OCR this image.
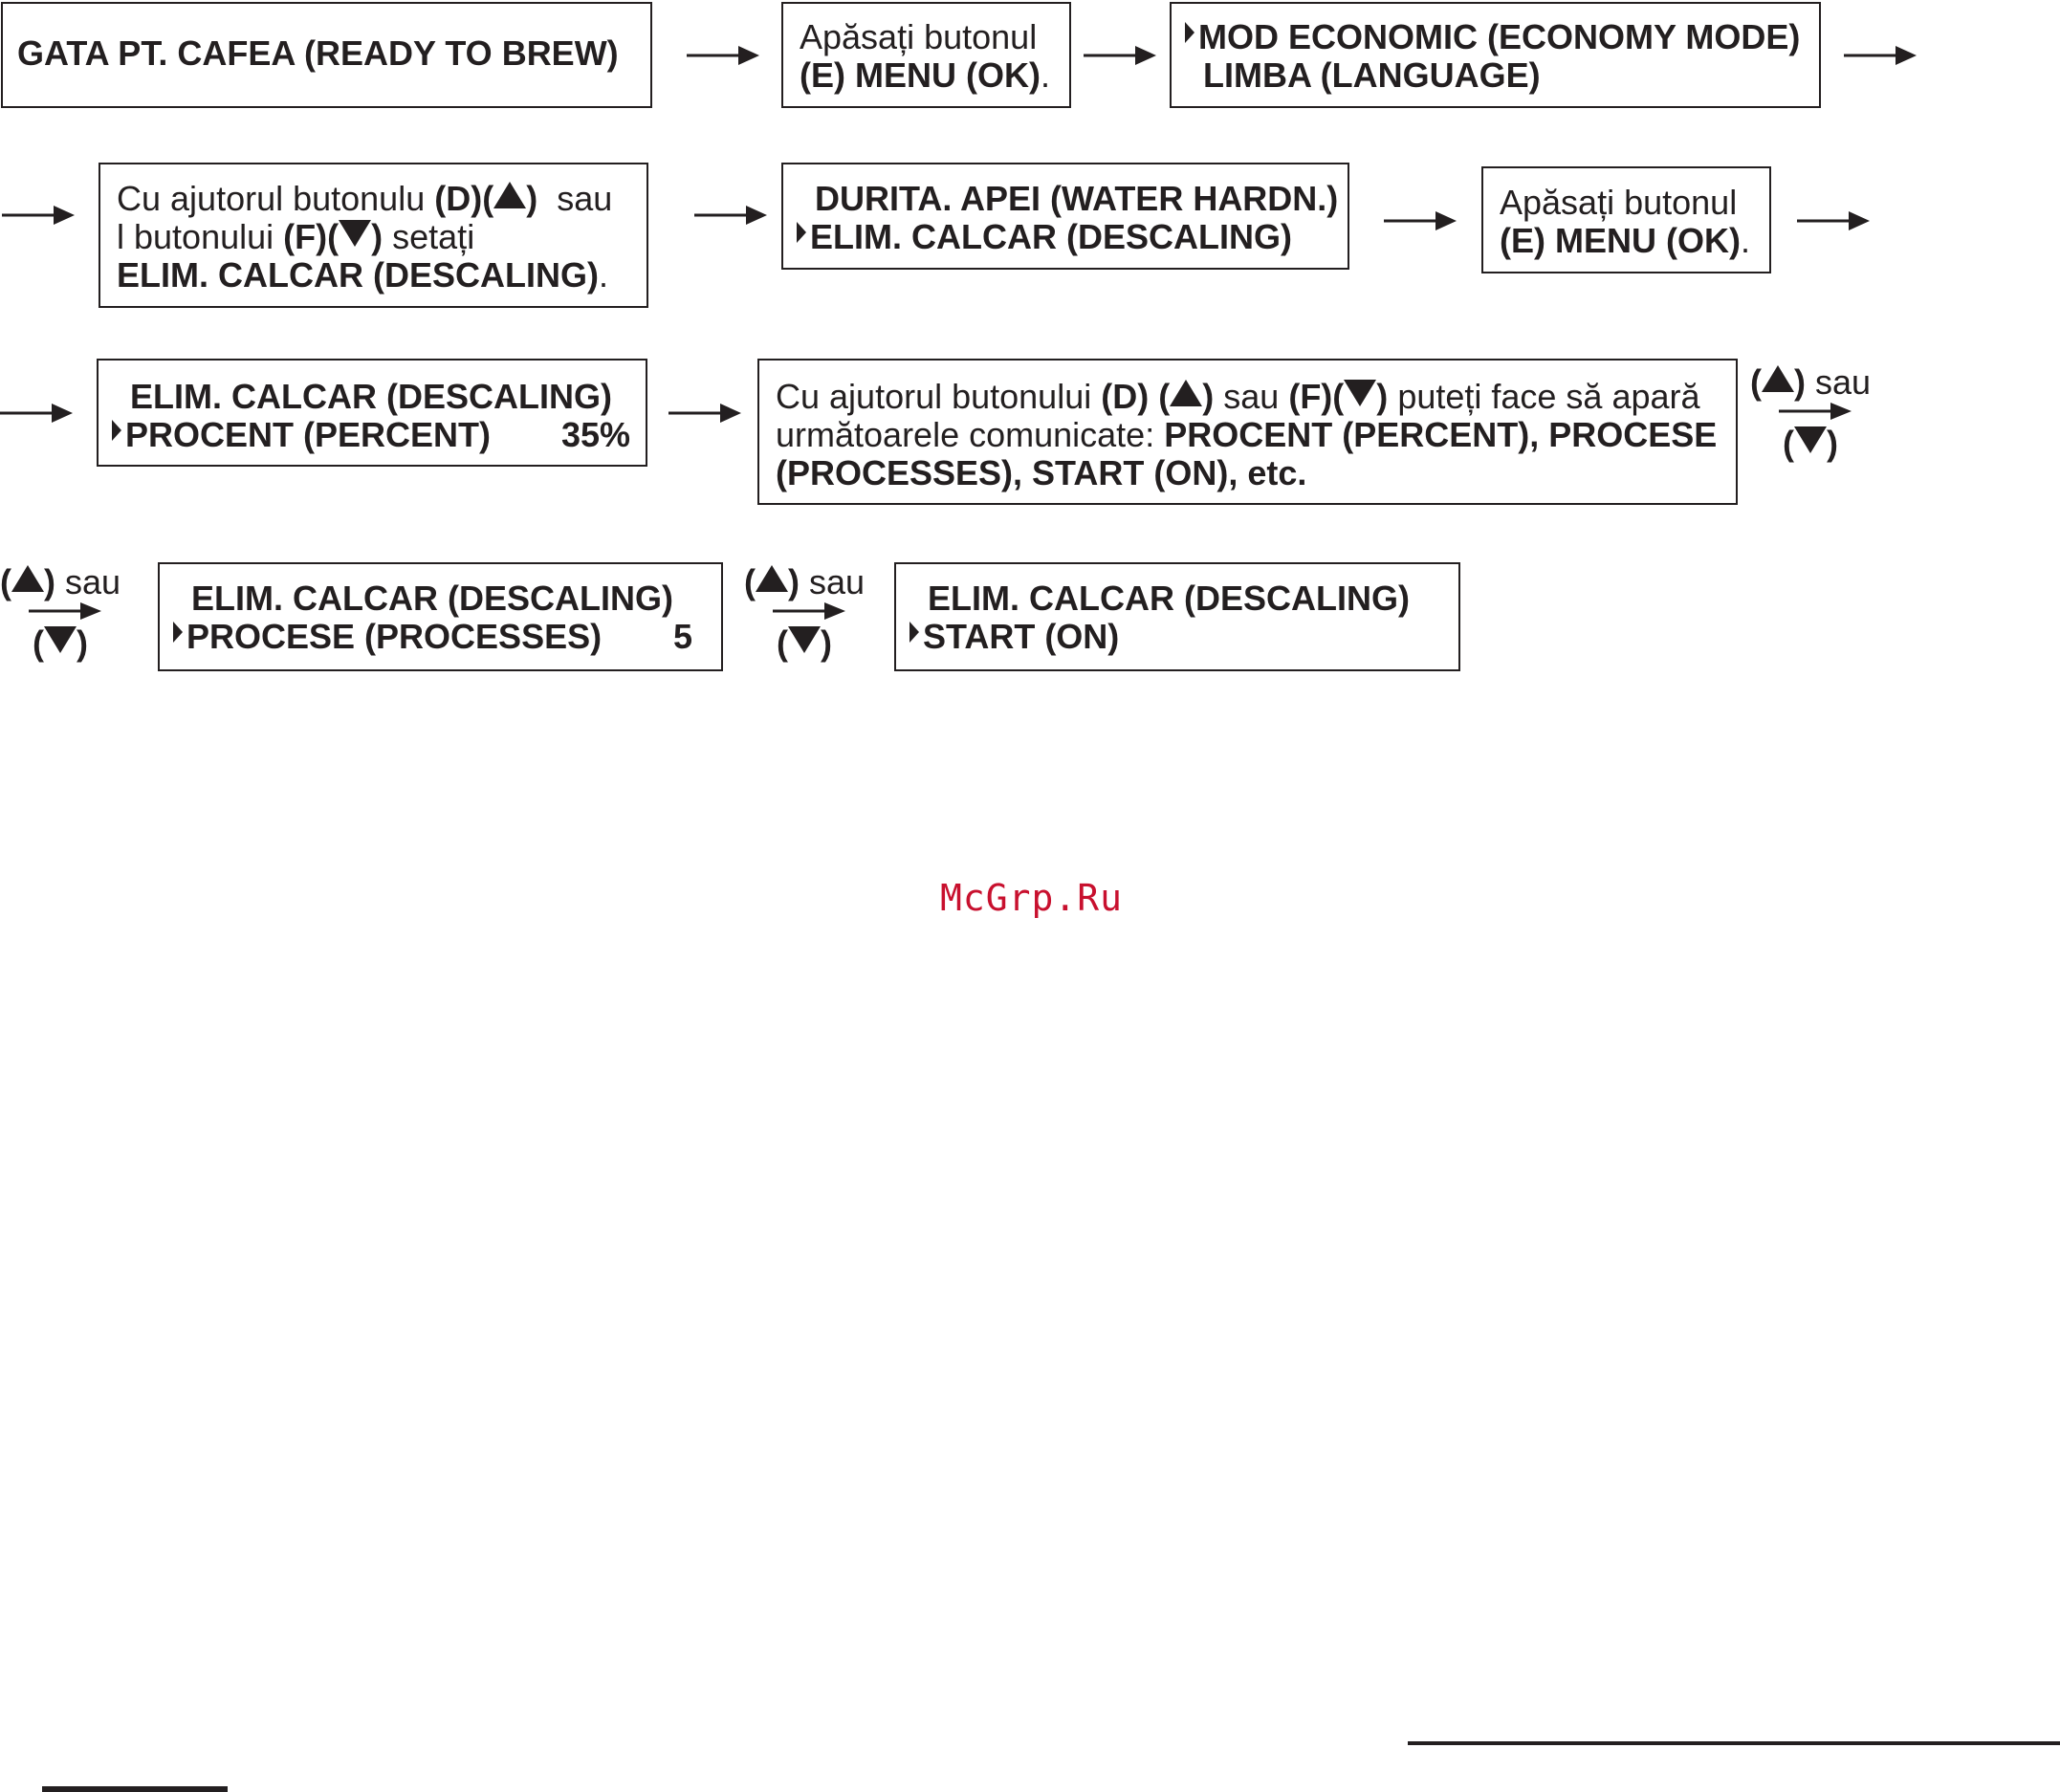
GATA PT. CAFEA (READY TO BREW)	Apăsați butonul
(E) MENU (OK).
MOD ECONOMIC (ECONOMY MODE)
LIMBA (LANGUAGE)
Cu ajutorul butonulu (D)( ) sau
l butonului (F)( ) setați
ELIM. CALCAR (DESCALING).
DURITA. APEI (WATER HARDN.)
ELIM. CALCAR (DESCALING)
Apăsați butonul
(E) MENU (OK).
ELIM. CALCAR (DESCALING)
PROCENT (PERCENT) 35%
Cu ajutorul butonului (D) ( ) sau (F)( ) puteți face să apară
următoarele comunicate: PROCENT (PERCENT), PROCESE
(PROCESSES), START (ON), etc.
( ) sau
( )
( ) sau
( )
ELIM. CALCAR (DESCALING)
PROCESE (PROCESSES) 5
( ) sau
( )
ELIM. CALCAR (DESCALING)
START (ON)
McGrp.Ru
